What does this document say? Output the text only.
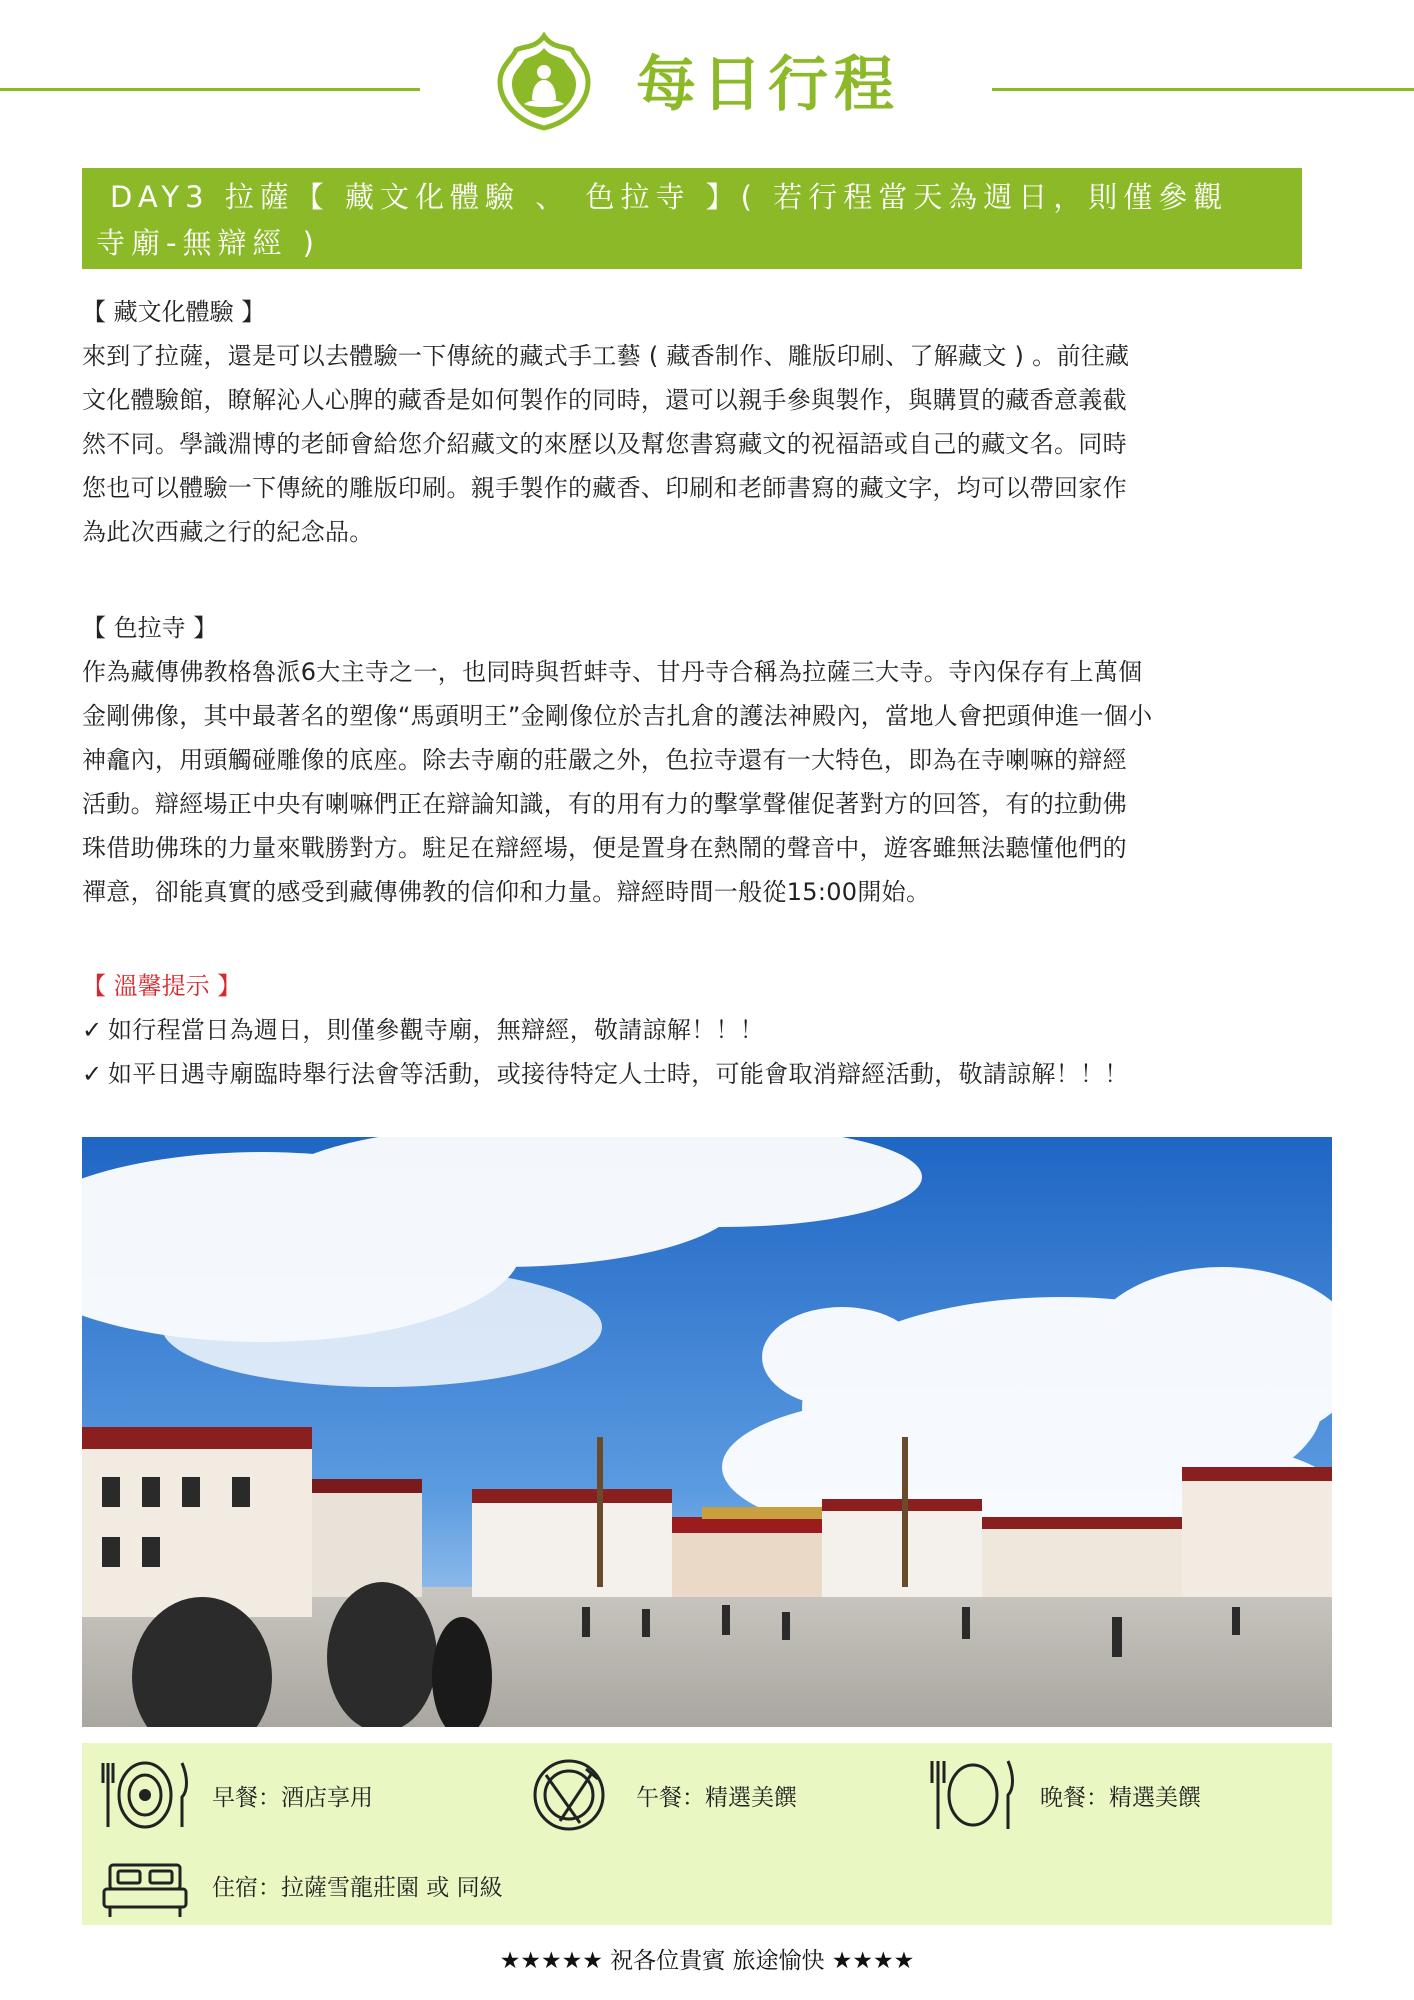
每日行程
DAY3 拉薩【 藏文化體驗 、 色拉寺 】( 若行程當天為週日，則僅參觀
寺廟-無辯經 )
【 藏文化體驗 】

來到了拉薩，還是可以去體驗一下傳統的藏式手工藝 ( 藏香制作、雕版印刷、了解藏文 ) 。前往藏

文化體驗館，瞭解沁人心脾的藏香是如何製作的同時，還可以親手參與製作，與購買的藏香意義截

然不同。學識淵博的老師會給您介紹藏文的來歷以及幫您書寫藏文的祝福語或自己的藏文名。同時

您也可以體驗一下傳統的雕版印刷。親手製作的藏香、印刷和老師書寫的藏文字，均可以帶回家作

為此次西藏之行的紀念品。

【 色拉寺 】

作為藏傳佛教格魯派6大主寺之一，也同時與哲蚌寺、甘丹寺合稱為拉薩三大寺。寺內保存有上萬個

金剛佛像，其中最著名的塑像“馬頭明王”金剛像位於吉扎倉的護法神殿內，當地人會把頭伸進一個小

神龕內，用頭觸碰雕像的底座。除去寺廟的莊嚴之外，色拉寺還有一大特色，即為在寺喇嘛的辯經

活動。辯經場正中央有喇嘛們正在辯論知識，有的用有力的擊掌聲催促著對方的回答，有的拉動佛

珠借助佛珠的力量來戰勝對方。駐足在辯經場，便是置身在熱鬧的聲音中，遊客雖無法聽懂他們的

禪意，卻能真實的感受到藏傳佛教的信仰和力量。辯經時間一般從15:00開始。

【 溫馨提示 】

✓ 如行程當日為週日，則僅參觀寺廟，無辯經，敬請諒解！！！

✓ 如平日遇寺廟臨時舉行法會等活動，或接待特定人士時，可能會取消辯經活動，敬請諒解！！！

早餐：酒店享用	午餐：精選美饌	晚餐：精選美饌
住宿：拉薩雪龍莊園 或 同級
★★★★★ 祝各位貴賓 旅途愉快 ★★★★
